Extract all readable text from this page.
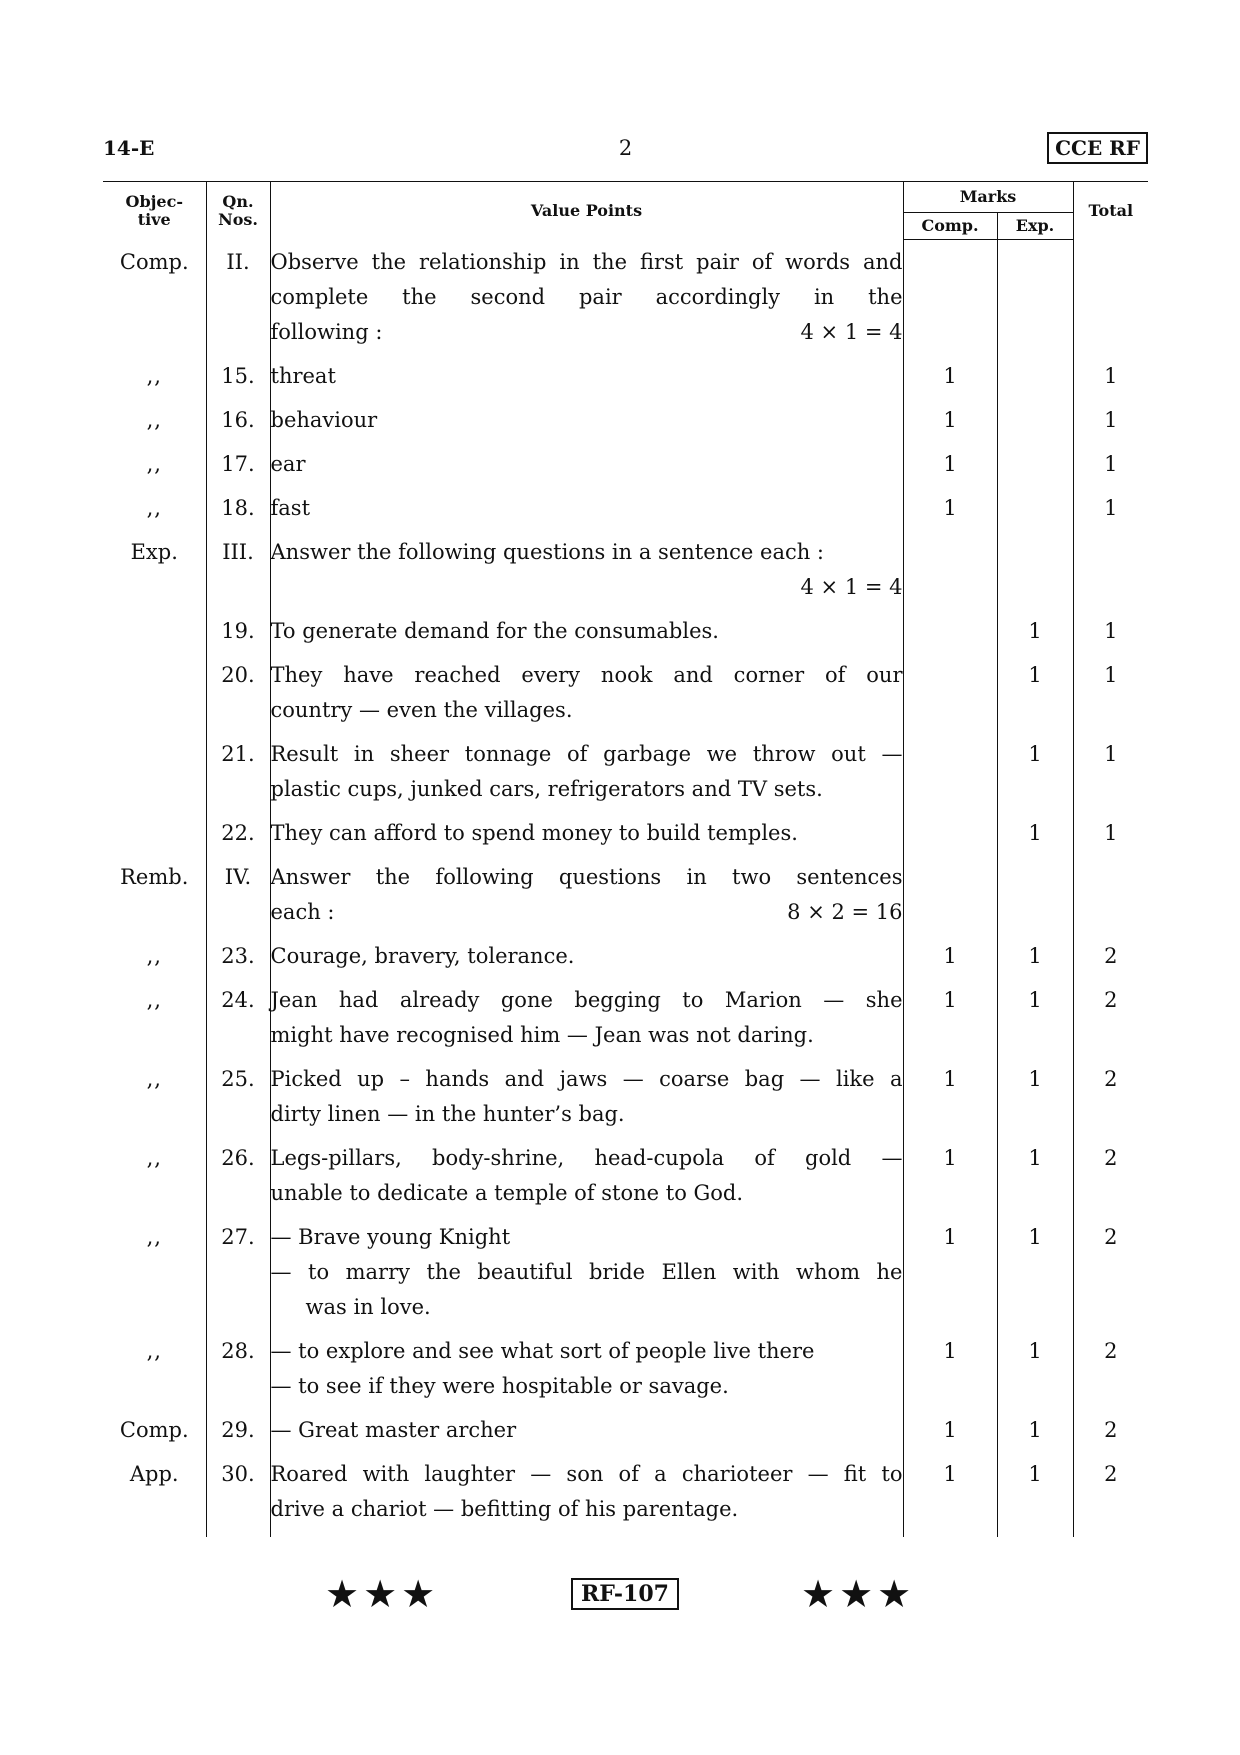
14-E	2	CCE RF
Objec-
tive	Qn.
Nos.	Value Points	Marks		Total
			Comp.	Exp.	
Comp.	II.	Observe the relationship in the first pair of words and
complete the second pair accordingly in the
following : 4 × 1 = 4			

,,	15.	threat	1		1
,,	16.	behaviour	1		1
,,	17.	ear	1		1
,,	18.	fast	1		1
Exp.	III.	Answer the following questions in a sentence each :
4 × 1 = 4			

	19.	To generate demand for the consumables.		1	1
	20.	They have reached every nook and corner of our
country — even the villages.		1	1
	21.	Result in sheer tonnage of garbage we throw out —
plastic cups, junked cars, refrigerators and TV sets.		1	1
	22.	They can afford to spend money to build temples.		1	1
Remb.	IV.	Answer the following questions in two sentences
each : 8 × 2 = 16			

,,	23.	Courage, bravery, tolerance.	1	1	2
,,	24.	Jean had already gone begging to Marion — she
might have recognised him — Jean was not daring.	1	1	2
,,	25.	Picked up – hands and jaws — coarse bag — like a
dirty linen — in the hunter’s bag.	1	1	2
,,	26.	Legs-pillars, body-shrine, head-cupola of gold —
unable to dedicate a temple of stone to God.	1	1	2
,,	27.	— Brave young Knight
— to marry the beautiful bride Ellen with whom he
was in love.	1	1	2
,,	28.	— to explore and see what sort of people live there
— to see if they were hospitable or savage.	1	1	2
Comp.	29.	— Great master archer	1	1	2
App.	30.	Roared with laughter — son of a charioteer — fit to
drive a chariot — befitting of his parentage.	1	1	2
★★★	RF-107	★★★
